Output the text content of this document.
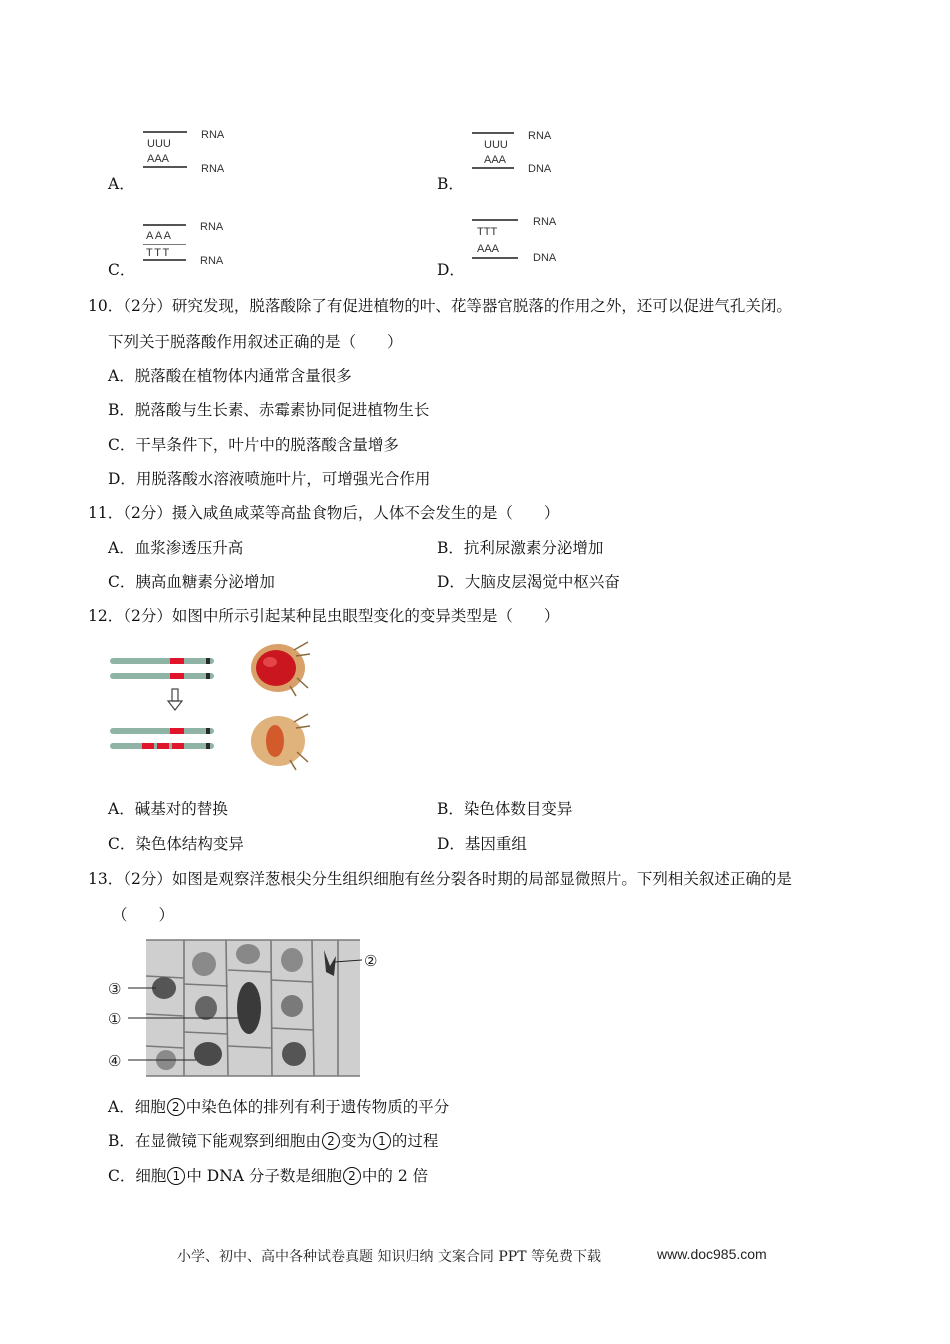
UUU
AAA
RNA
RNA
A．
UUU
AAA
RNA
DNA
B．
AAA
TTT
RNA
RNA
C．
TTT
AAA
RNA
DNA
D．
10．（2分）研究发现，脱落酸除了有促进植物的叶、花等器官脱落的作用之外，还可以促进气孔关闭。
下列关于脱落酸作用叙述正确的是（　　）
A．脱落酸在植物体内通常含量很多
B．脱落酸与生长素、赤霉素协同促进植物生长
C．干旱条件下，叶片中的脱落酸含量增多
D．用脱落酸水溶液喷施叶片，可增强光合作用
11．（2分）摄入咸鱼咸菜等高盐食物后，人体不会发生的是（　　）
A．血浆渗透压升高	B．抗利尿激素分泌增加
C．胰高血糖素分泌增加	D．大脑皮层渴觉中枢兴奋
12．（2分）如图中所示引起某种昆虫眼型变化的变异类型是（　　）
A．碱基对的替换	B．染色体数目变异
C．染色体结构变异	D．基因重组
13．（2分）如图是观察洋葱根尖分生组织细胞有丝分裂各时期的局部显微照片。下列相关叙述正确的是
（　　）
③
①
④
②
A．细胞 2 中染色体的排列有利于遗传物质的平分
B．在显微镜下能观察到细胞由 2 变为 1 的过程
C．细胞 1 中 DNA 分子数是细胞 2 中的 2 倍
小学、初中、高中各种试卷真题 知识归纳 文案合同 PPT 等免费下载	www.doc985.com
